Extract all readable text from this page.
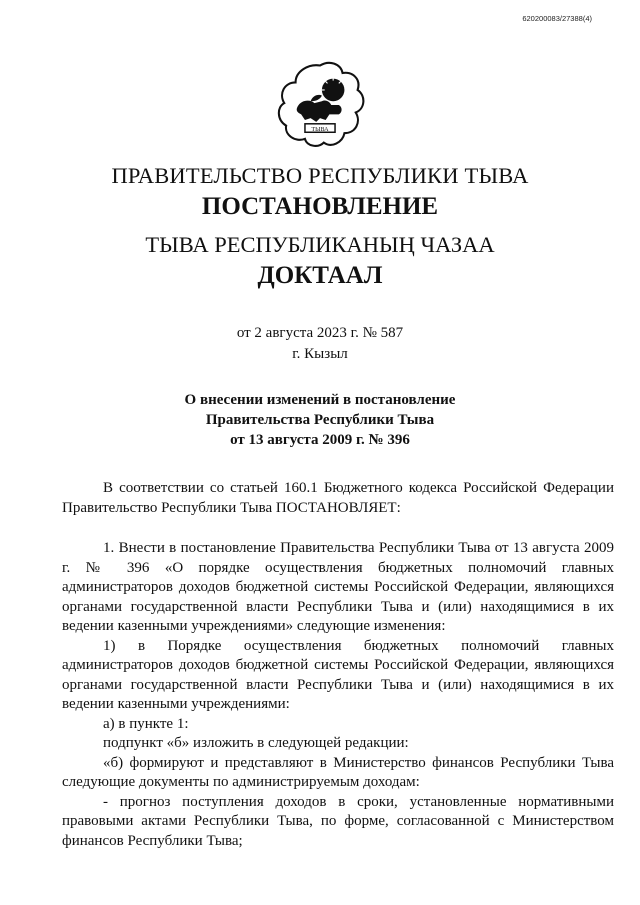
620200083/27388(4)
ТЫВА
ПРАВИТЕЛЬСТВО РЕСПУБЛИКИ ТЫВА
ПОСТАНОВЛЕНИЕ
ТЫВА РЕСПУБЛИКАНЫҢ ЧАЗАА
ДОКТААЛ
от 2 августа 2023 г. № 587
г. Кызыл
О внесении изменений в постановление
Правительства Республики Тыва
от 13 августа 2009 г. № 396

В соответствии со статьей 160.1 Бюджетного кодекса Российской Федерации Правительство Республики Тыва ПОСТАНОВЛЯЕТ:

1. Внести в постановление Правительства Республики Тыва от 13 августа 2009 г. № 396 «О порядке осуществления бюджетных полномочий главных администраторов доходов бюджетной системы Российской Федерации, являющихся органами государственной власти Республики Тыва и (или) находящимися в их ведении казенными учреждениями» следующие изменения:

1) в Порядке осуществления бюджетных полномочий главных администраторов доходов бюджетной системы Российской Федерации, являющихся органами государственной власти Республики Тыва и (или) находящимися в их ведении казенными учреждениями:

а) в пункте 1:

подпункт «б» изложить в следующей редакции:

«б) формируют и представляют в Министерство финансов Республики Тыва следующие документы по администрируемым доходам:

- прогноз поступления доходов в сроки, установленные нормативными правовыми актами Республики Тыва, по форме, согласованной с Министерством финансов Республики Тыва;
